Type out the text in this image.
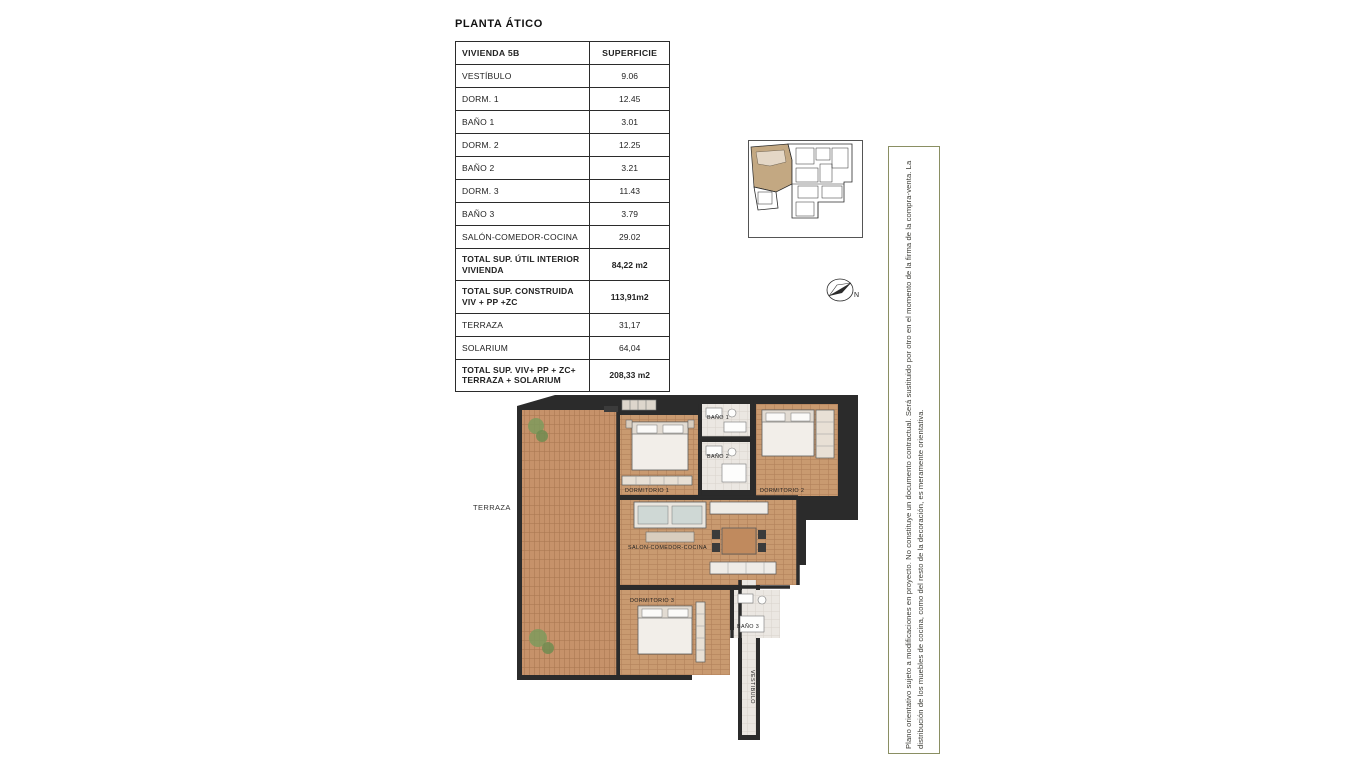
PLANTA ÁTICO
VIVIENDA 5B	SUPERFICIE
VESTÍBULO	9.06
DORM. 1	12.45
BAÑO 1	3.01
DORM. 2	12.25
BAÑO 2	3.21
DORM. 3	11.43
BAÑO 3	3.79
SALÓN-COMEDOR-COCINA	29.02
TOTAL SUP. ÚTIL INTERIOR VIVIENDA	84,22 m2
TOTAL SUP. CONSTRUIDA VIV + PP +ZC	113,91m2
TERRAZA	31,17
SOLARIUM	64,04
TOTAL SUP. VIV+ PP + ZC+ TERRAZA + SOLARIUM	208,33 m2
N	Plano orientativo sujeto a modificaciones en proyecto. No constituye un documento contractual. Será sustituido por otro en el momento de la firma de la compra-venta. La distribución de los muebles de cocina, como del resto de la decoración, es meramente orientativa.
TERRAZA
DORMITORIO 1
BAÑO 1
BAÑO 2
DORMITORIO 2
SALON-COMEDOR-COCINA
DORMITORIO 3
BAÑO 3
VESTIBULO
